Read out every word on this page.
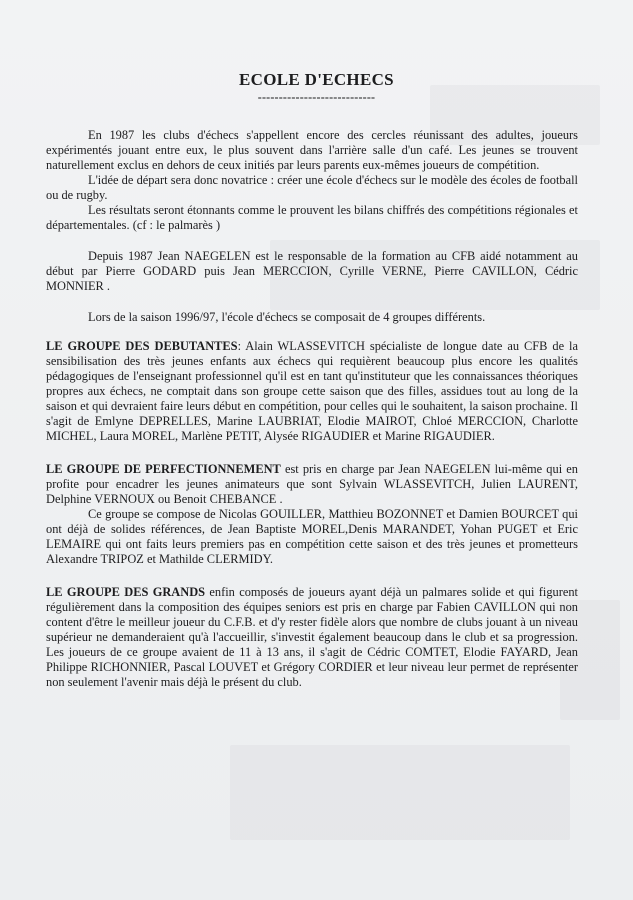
ECOLE D'ECHECS
----------------------------

En 1987 les clubs d'échecs s'appellent encore des cercles réunissant des adultes, joueurs expérimentés jouant entre eux, le plus souvent dans l'arrière salle d'un café. Les jeunes se trouvent naturellement exclus en dehors de ceux initiés par leurs parents eux-mêmes joueurs de compétition.

L'idée de départ sera donc novatrice : créer une école d'échecs sur le modèle des écoles de football ou de rugby.

Les résultats seront étonnants comme le prouvent les bilans chiffrés des compétitions régionales et départementales. (cf : le palmarès )

Depuis 1987 Jean NAEGELEN est le responsable de la formation au CFB aidé notamment au début par Pierre GODARD puis Jean MERCCION, Cyrille VERNE, Pierre CAVILLON, Cédric MONNIER .

Lors de la saison 1996/97, l'école d'échecs se composait de 4 groupes différents.

LE GROUPE DES DEBUTANTES: Alain WLASSEVITCH spécialiste de longue date au CFB de la sensibilisation des très jeunes enfants aux échecs qui requièrent beaucoup plus encore les qualités pédagogiques de l'enseignant professionnel qu'il est en tant qu'instituteur que les connaissances théoriques propres aux échecs, ne comptait dans son groupe cette saison que des filles, assidues tout au long de la saison et qui devraient faire leurs début en compétition, pour celles qui le souhaitent, la saison prochaine. Il s'agit de Emlyne DEPRELLES, Marine LAUBRIAT, Elodie MAIROT, Chloé MERCCION, Charlotte MICHEL, Laura MOREL, Marlène PETIT, Alysée RIGAUDIER et Marine RIGAUDIER.

LE GROUPE DE PERFECTIONNEMENT est pris en charge par Jean NAEGELEN lui-même qui en profite pour encadrer les jeunes animateurs que sont Sylvain WLASSEVITCH, Julien LAURENT, Delphine VERNOUX ou Benoit CHEBANCE .

Ce groupe se compose de Nicolas GOUILLER, Matthieu BOZONNET et Damien BOURCET qui ont déjà de solides références, de Jean Baptiste MOREL,Denis MARANDET, Yohan PUGET et Eric LEMAIRE qui ont faits leurs premiers pas en compétition cette saison et des très jeunes et prometteurs Alexandre TRIPOZ et Mathilde CLERMIDY.

LE GROUPE DES GRANDS enfin composés de joueurs ayant déjà un palmares solide et qui figurent régulièrement dans la composition des équipes seniors est pris en charge par Fabien CAVILLON qui non content d'être le meilleur joueur du C.F.B. et d'y rester fidèle alors que nombre de clubs jouant à un niveau supérieur ne demanderaient qu'à l'accueillir, s'investit également beaucoup dans le club et sa progression. Les joueurs de ce groupe avaient de 11 à 13 ans, il s'agit de Cédric COMTET, Elodie FAYARD, Jean Philippe RICHONNIER, Pascal LOUVET et Grégory CORDIER et leur niveau leur permet de représenter non seulement l'avenir mais déjà le présent du club.
